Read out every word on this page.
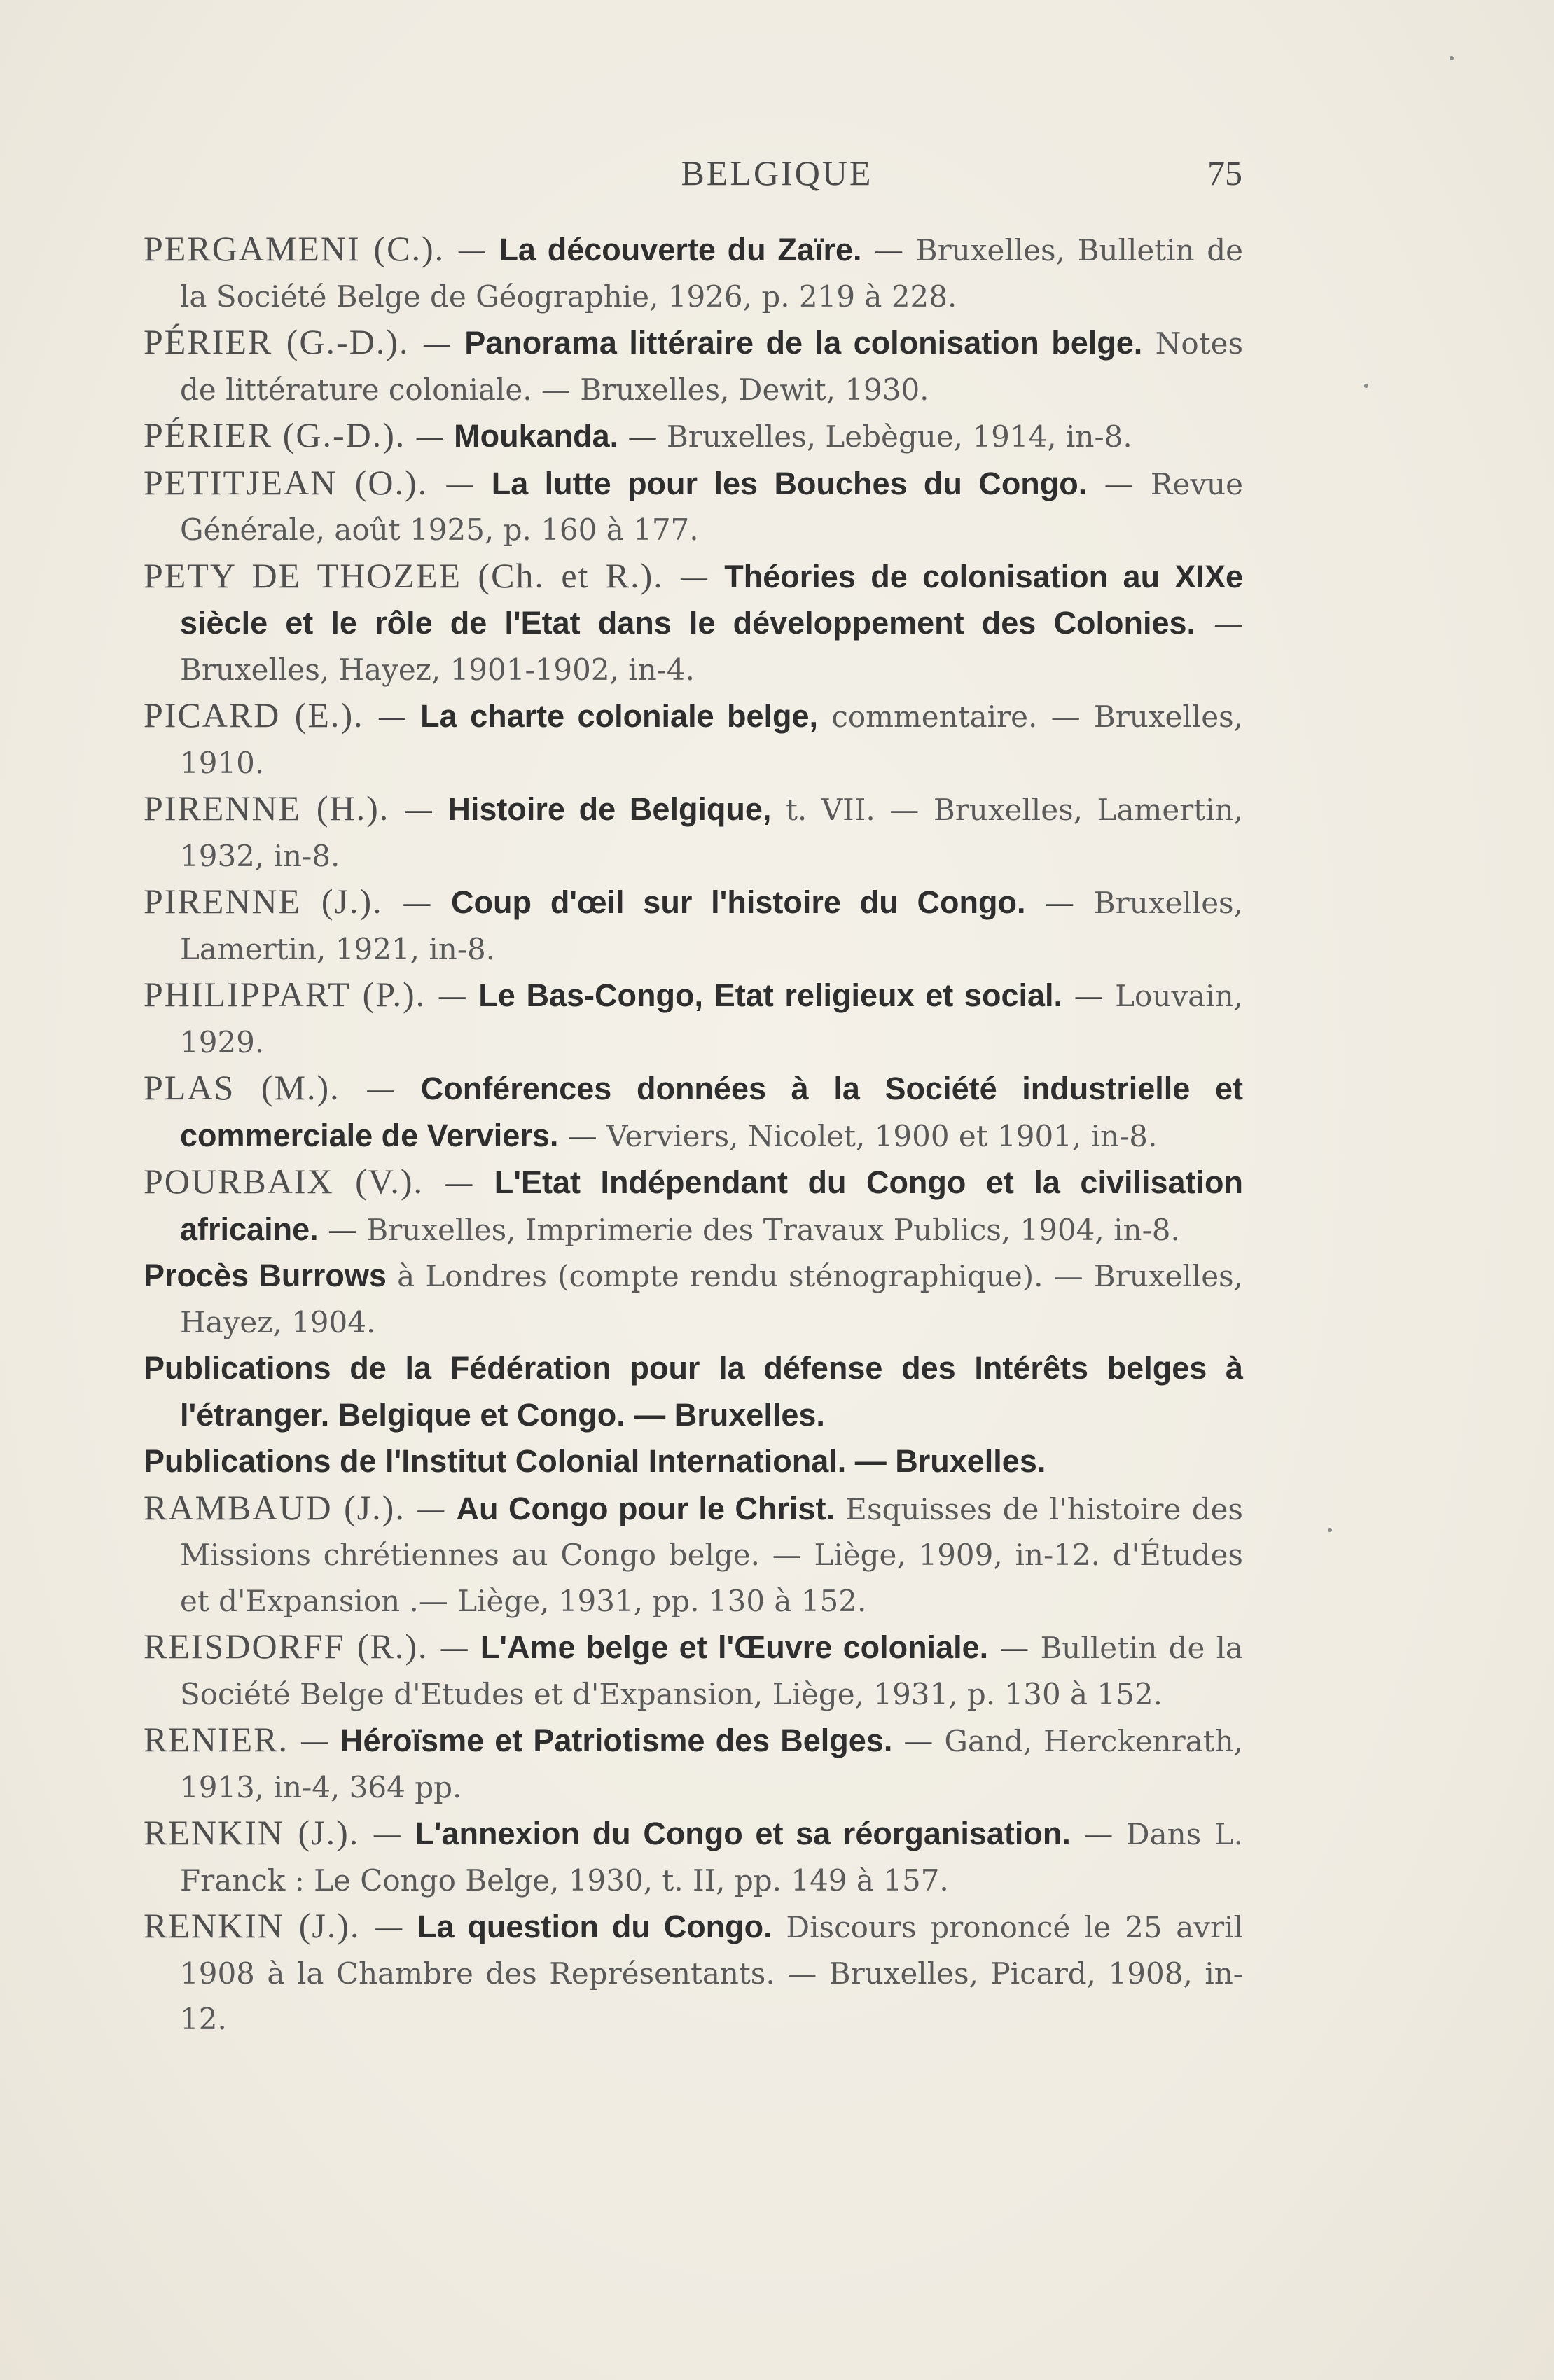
BELGIQUE	75

PERGAMENI (C.). — La découverte du Zaïre. — Bruxelles, Bulletin de la Société Belge de Géographie, 1926, p. 219 à 228.

PÉRIER (G.-D.). — Panorama littéraire de la colonisation belge. Notes de littérature coloniale. — Bruxelles, Dewit, 1930.

PÉRIER (G.-D.). — Moukanda. — Bruxelles, Lebègue, 1914, in-8.

PETITJEAN (O.). — La lutte pour les Bouches du Congo. — Revue Générale, août 1925, p. 160 à 177.

PETY DE THOZEE (Ch. et R.). — Théories de colonisation au XIXe siècle et le rôle de l'Etat dans le développement des Colonies. — Bruxelles, Hayez, 1901-1902, in-4.

PICARD (E.). — La charte coloniale belge, commentaire. — Bruxelles, 1910.

PIRENNE (H.). — Histoire de Belgique, t. VII. — Bruxelles, Lamertin, 1932, in-8.

PIRENNE (J.). — Coup d'œil sur l'histoire du Congo. — Bruxelles, Lamertin, 1921, in-8.

PHILIPPART (P.). — Le Bas-Congo, Etat religieux et social. — Louvain, 1929.

PLAS (M.). — Conférences données à la Société industrielle et commerciale de Verviers. — Verviers, Nicolet, 1900 et 1901, in-8.

POURBAIX (V.). — L'Etat Indépendant du Congo et la civilisation africaine. — Bruxelles, Imprimerie des Travaux Publics, 1904, in-8.

Procès Burrows à Londres (compte rendu sténographique). — Bruxelles, Hayez, 1904.

Publications de la Fédération pour la défense des Intérêts belges à l'étranger. Belgique et Congo. — Bruxelles.

Publications de l'Institut Colonial International. — Bruxelles.

RAMBAUD (J.). — Au Congo pour le Christ. Esquisses de l'histoire des Missions chrétiennes au Congo belge. — Liège, 1909, in-12. d'Études et d'Expansion .— Liège, 1931, pp. 130 à 152.

REISDORFF (R.). — L'Ame belge et l'Œuvre coloniale. — Bulletin de la Société Belge d'Etudes et d'Expansion, Liège, 1931, p. 130 à 152.

RENIER. — Héroïsme et Patriotisme des Belges. — Gand, Herckenrath, 1913, in-4, 364 pp.

RENKIN (J.). — L'annexion du Congo et sa réorganisation. — Dans L. Franck : Le Congo Belge, 1930, t. II, pp. 149 à 157.

RENKIN (J.). — La question du Congo. Discours prononcé le 25 avril 1908 à la Chambre des Représentants. — Bruxelles, Picard, 1908, in-12.
